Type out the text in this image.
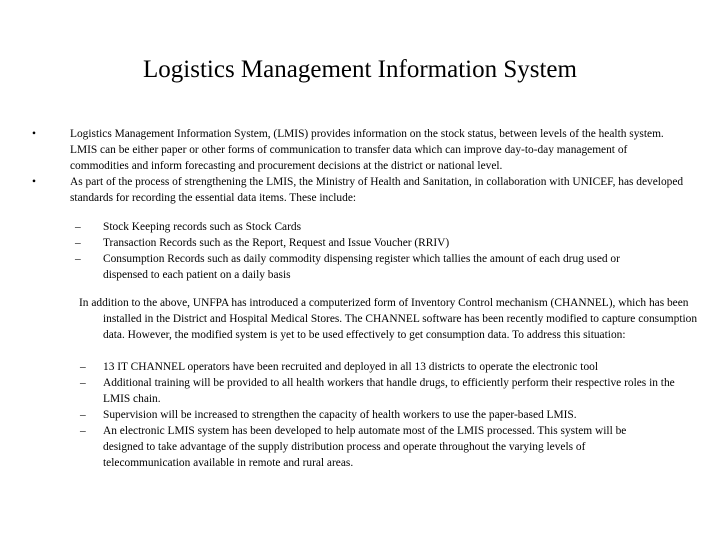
Logistics Management Information System
•	Logistics Management Information System, (LMIS) provides information on the stock status, between levels of the health system. LMIS can be either paper or other forms of communication to transfer data which can improve day-to-day management of commodities and inform forecasting and procurement decisions at the district or national level.
•	As part of the process of strengthening the LMIS, the Ministry of Health and Sanitation, in collaboration with UNICEF, has developed standards for recording the essential data items. These include:
– Stock Keeping records such as Stock Cards
– Transaction Records such as the Report, Request and Issue Voucher (RRIV)
– Consumption Records such as daily commodity dispensing register which tallies the amount of each drug used or dispensed to each patient on a daily basis
In addition to the above, UNFPA has introduced a computerized form of Inventory Control mechanism (CHANNEL), which has been installed in the District and Hospital Medical Stores. The CHANNEL software has been recently modified to capture consumption data. However, the modified system is yet to be used effectively to get consumption data. To address this situation:
– 13 IT CHANNEL operators have been recruited and deployed in all 13 districts to operate the electronic tool
– Additional training will be provided to all health workers that handle drugs, to efficiently perform their respective roles in the LMIS chain.
– Supervision will be increased to strengthen the capacity of health workers to use the paper-based LMIS.
– An electronic LMIS system has been developed to help automate most of the LMIS processed. This system will be designed to take advantage of the supply distribution process and operate throughout the varying levels of telecommunication available in remote and rural areas.
